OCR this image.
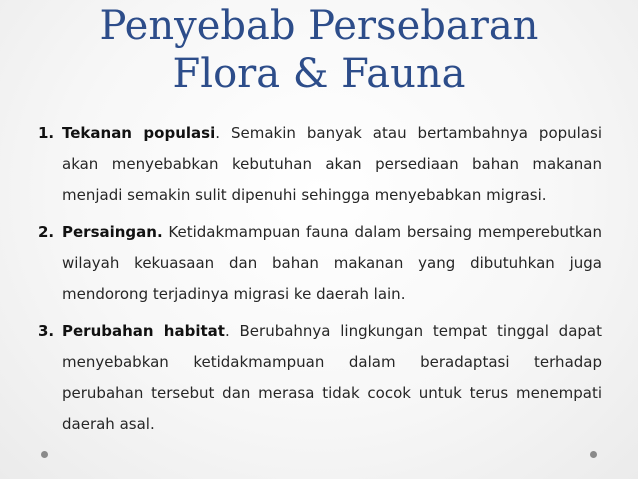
Penyebab Persebaran
Flora & Fauna
1. Tekanan populasi. Semakin banyak atau bertambahnya populasi akan menyebabkan kebutuhan akan persediaan bahan makanan menjadi semakin sulit dipenuhi sehingga menyebabkan migrasi.
2. Persaingan. Ketidakmampuan fauna dalam bersaing memperebutkan wilayah kekuasaan dan bahan makanan yang dibutuhkan juga mendorong terjadinya migrasi ke daerah lain.
3. Perubahan habitat. Berubahnya lingkungan tempat tinggal dapat menyebabkan ketidakmampuan dalam beradaptasi terhadap perubahan tersebut dan merasa tidak cocok untuk terus menempati daerah asal.
